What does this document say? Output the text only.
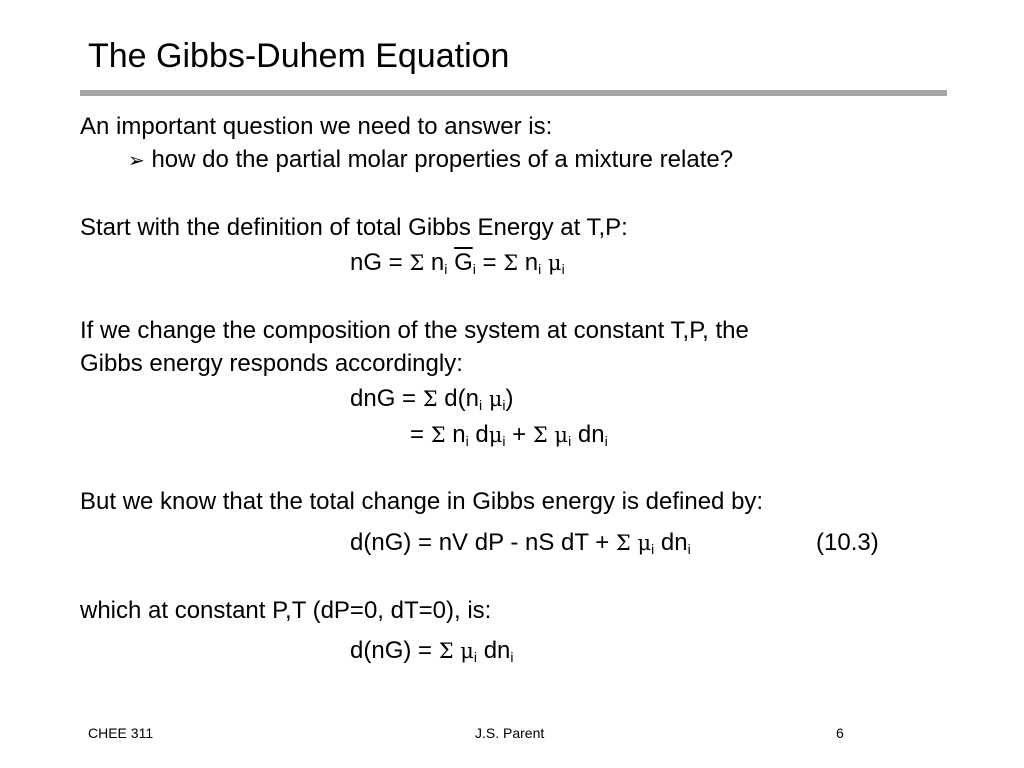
The Gibbs-Duhem Equation
An important question we need to answer is:
➢ how do the partial molar properties of a mixture relate?
Start with the definition of total Gibbs Energy at T,P:
nG = Σ $n_i$ $\overline{G}_i = \Sigma$ $n_i$ $\mu_i$
If we change the composition of the system at constant T,P, the
Gibbs energy responds accordingly:
dnG = Σ $d(n_i$ $\mu_i$)
= Σ $n_i$ $d\mu_i + \Sigma$ $\mu_i$ $dn_i$
But we know that the total change in Gibbs energy is defined by:
d(nG) = nV dP - nS dT + Σ $\mu_i$ $dn_i$	(10.3)
which at constant P,T (dP=0, dT=0), is:
d(nG) = Σ $\mu_i$ $dn_i$
CHEE 311	J.S. Parent	6
